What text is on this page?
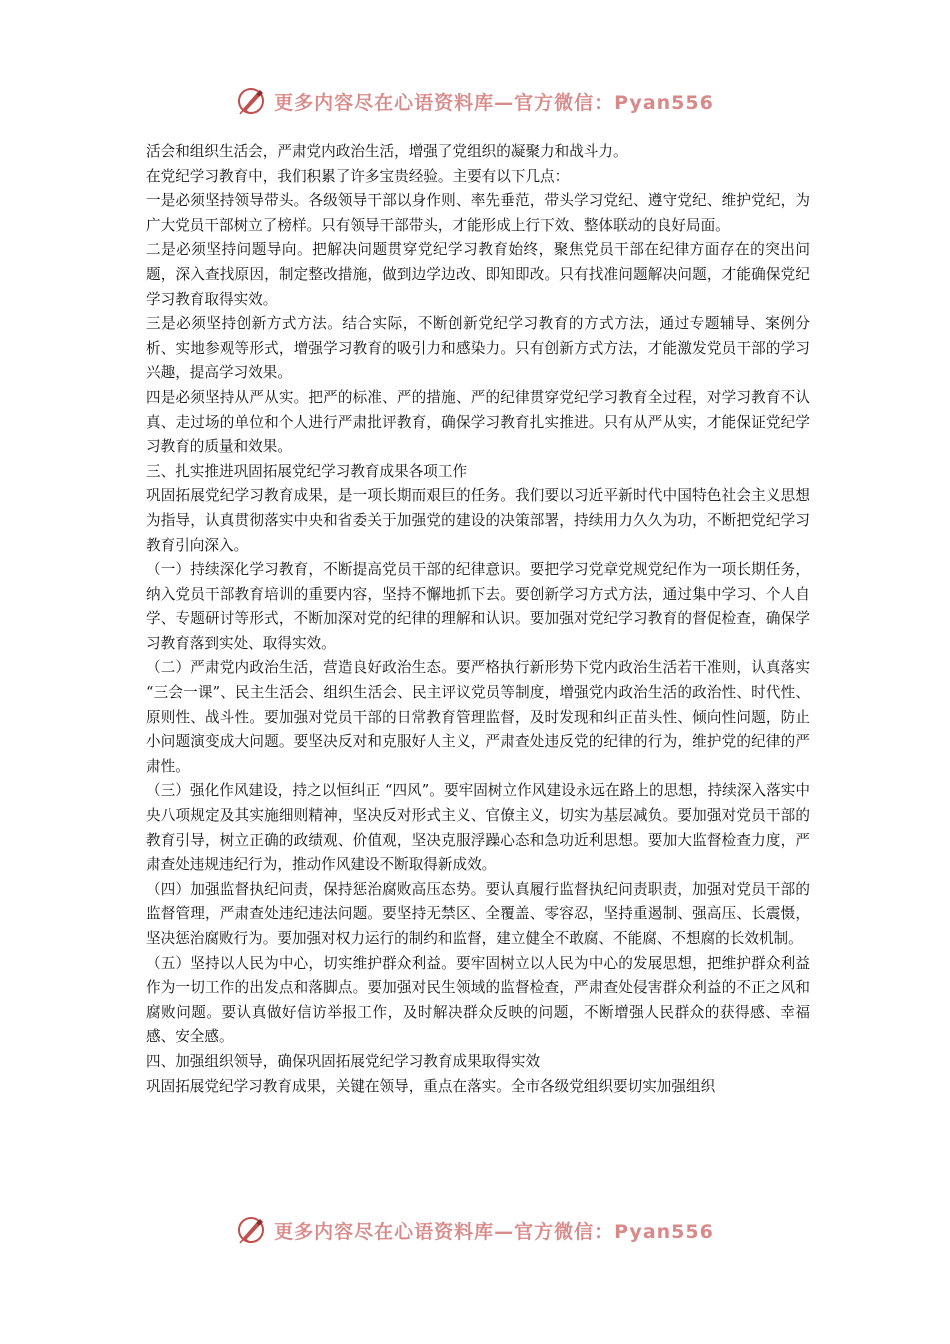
更多内容尽在心语资料库—官方微信：Pyan556

活会和组织生活会，严肃党内政治生活，增强了党组织的凝聚力和战斗力。

在党纪学习教育中，我们积累了许多宝贵经验。主要有以下几点：

一是必须坚持领导带头。各级领导干部以身作则、率先垂范，带头学习党纪、遵守党纪、维护党纪，为广大党员干部树立了榜样。只有领导干部带头，才能形成上行下效、整体联动的良好局面。

二是必须坚持问题导向。把解决问题贯穿党纪学习教育始终，聚焦党员干部在纪律方面存在的突出问题，深入查找原因，制定整改措施，做到边学边改、即知即改。只有找准问题解决问题，才能确保党纪学习教育取得实效。

三是必须坚持创新方式方法。结合实际，不断创新党纪学习教育的方式方法，通过专题辅导、案例分析、实地参观等形式，增强学习教育的吸引力和感染力。只有创新方式方法，才能激发党员干部的学习兴趣，提高学习效果。

四是必须坚持从严从实。把严的标准、严的措施、严的纪律贯穿党纪学习教育全过程，对学习教育不认真、走过场的单位和个人进行严肃批评教育，确保学习教育扎实推进。只有从严从实，才能保证党纪学习教育的质量和效果。

三、扎实推进巩固拓展党纪学习教育成果各项工作

巩固拓展党纪学习教育成果，是一项长期而艰巨的任务。我们要以习近平新时代中国特色社会主义思想为指导，认真贯彻落实中央和省委关于加强党的建设的决策部署，持续用力久久为功，不断把党纪学习教育引向深入。

（一）持续深化学习教育，不断提高党员干部的纪律意识。要把学习党章党规党纪作为一项长期任务，纳入党员干部教育培训的重要内容，坚持不懈地抓下去。要创新学习方式方法，通过集中学习、个人自学、专题研讨等形式，不断加深对党的纪律的理解和认识。要加强对党纪学习教育的督促检查，确保学习教育落到实处、取得实效。

（二）严肃党内政治生活，营造良好政治生态。要严格执行新形势下党内政治生活若干准则，认真落实 “三会一课”、民主生活会、组织生活会、民主评议党员等制度，增强党内政治生活的政治性、时代性、原则性、战斗性。要加强对党员干部的日常教育管理监督，及时发现和纠正苗头性、倾向性问题，防止小问题演变成大问题。要坚决反对和克服好人主义，严肃查处违反党的纪律的行为，维护党的纪律的严肃性。

（三）强化作风建设，持之以恒纠正 “四风”。要牢固树立作风建设永远在路上的思想，持续深入落实中央八项规定及其实施细则精神，坚决反对形式主义、官僚主义，切实为基层减负。要加强对党员干部的教育引导，树立正确的政绩观、价值观，坚决克服浮躁心态和急功近利思想。要加大监督检查力度，严肃查处违规违纪行为，推动作风建设不断取得新成效。

（四）加强监督执纪问责，保持惩治腐败高压态势。要认真履行监督执纪问责职责，加强对党员干部的监督管理，严肃查处违纪违法问题。要坚持无禁区、全覆盖、零容忍，坚持重遏制、强高压、长震慑，坚决惩治腐败行为。要加强对权力运行的制约和监督，建立健全不敢腐、不能腐、不想腐的长效机制。

（五）坚持以人民为中心，切实维护群众利益。要牢固树立以人民为中心的发展思想，把维护群众利益作为一切工作的出发点和落脚点。要加强对民生领域的监督检查，严肃查处侵害群众利益的不正之风和腐败问题。要认真做好信访举报工作，及时解决群众反映的问题，不断增强人民群众的获得感、幸福感、安全感。

四、加强组织领导，确保巩固拓展党纪学习教育成果取得实效

巩固拓展党纪学习教育成果，关键在领导，重点在落实。全市各级党组织要切实加强组织

更多内容尽在心语资料库—官方微信：Pyan556
